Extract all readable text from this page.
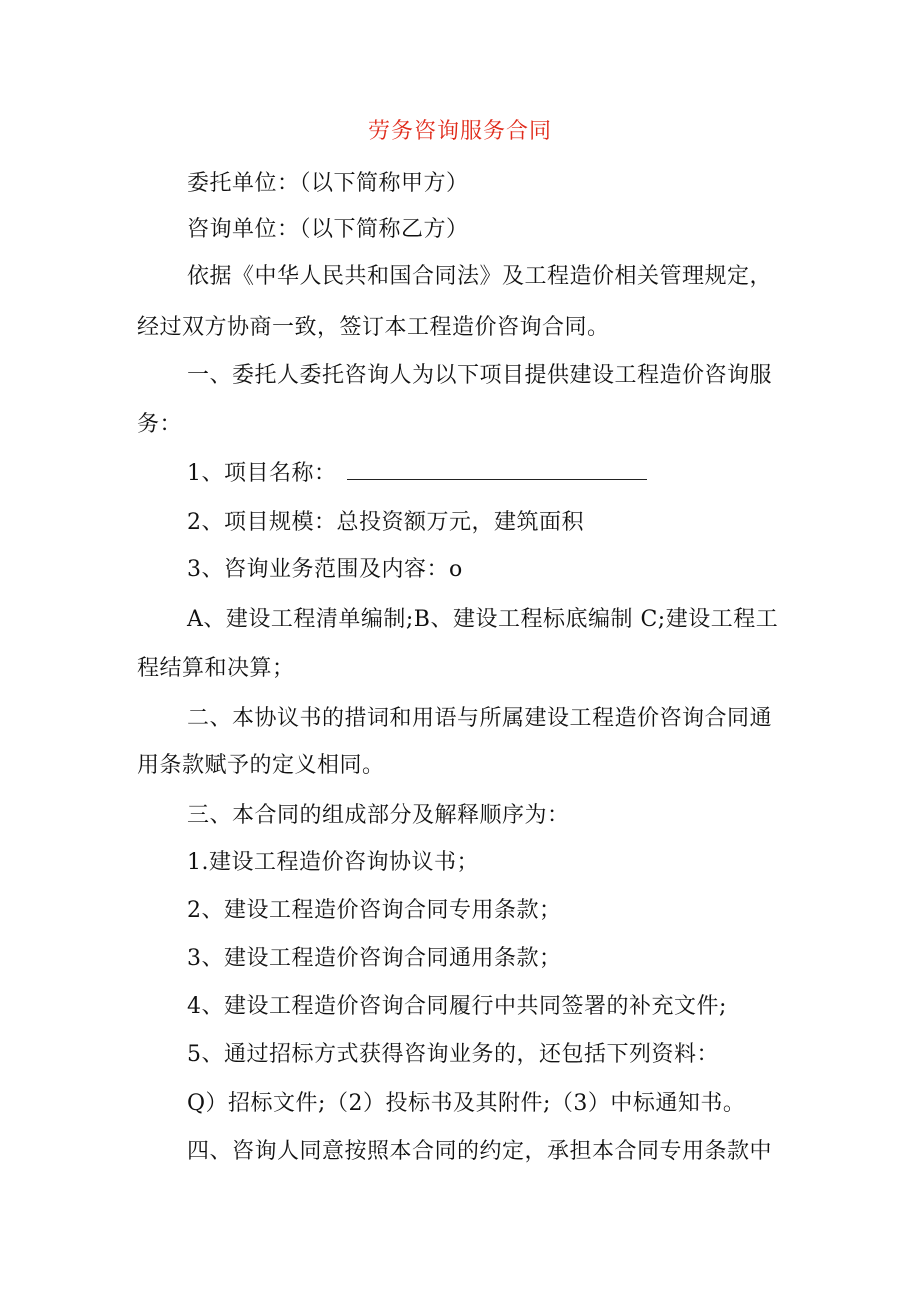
劳务咨询服务合同
委托单位：（以下简称甲方）
咨询单位：（以下简称乙方）
依据《中华人民共和国合同法》及工程造价相关管理规定，
经过双方协商一致，签订本工程造价咨询合同。
一、委托人委托咨询人为以下项目提供建设工程造价咨询服
务：
1、项目名称：
2、项目规模：总投资额万元，建筑面积
3、咨询业务范围及内容：o
A、建设工程清单编制;B、建设工程标底编制 C;建设工程工
程结算和决算；
二、本协议书的措词和用语与所属建设工程造价咨询合同通
用条款赋予的定义相同。
三、本合同的组成部分及解释顺序为：
1.建设工程造价咨询协议书；
2、建设工程造价咨询合同专用条款；
3、建设工程造价咨询合同通用条款；
4、建设工程造价咨询合同履行中共同签署的补充文件;
5、通过招标方式获得咨询业务的，还包括下列资料：
Q）招标文件;（2）投标书及其附件;（3）中标通知书。
四、咨询人同意按照本合同的约定，承担本合同专用条款中
